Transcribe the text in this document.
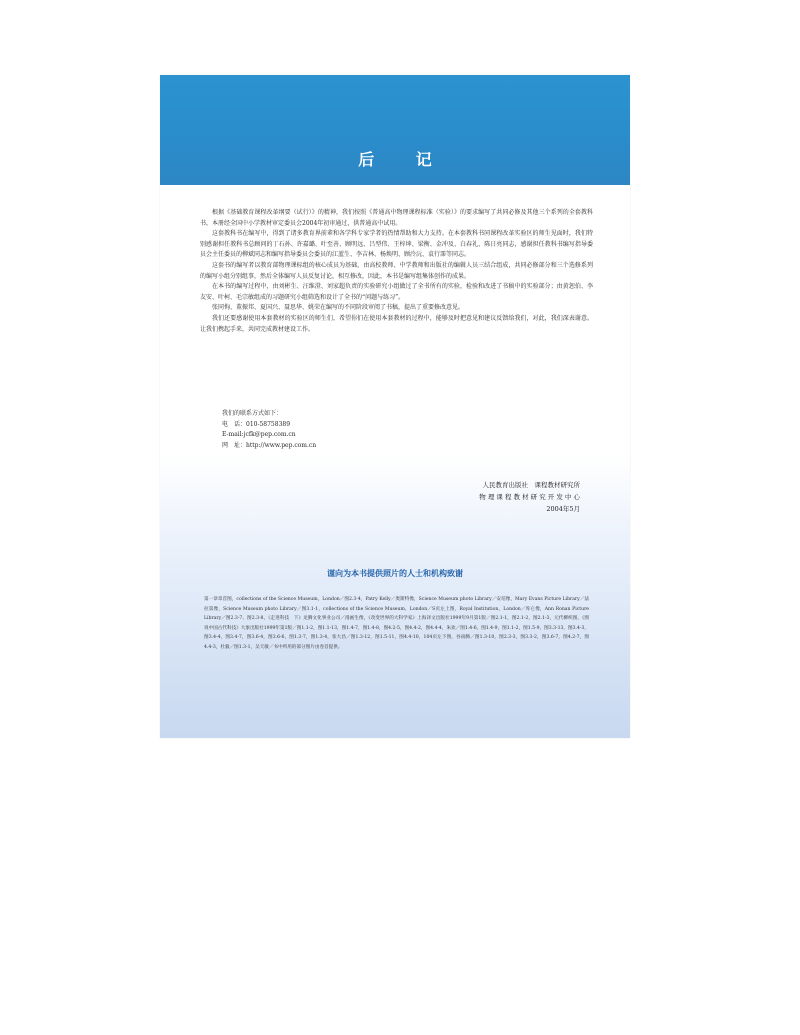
后 记

根据《基础教育课程改革纲要（试行）》的精神，我们按照《普通高中物理课程标准（实验）》的要求编写了共同必修及其他三个系列的全套教科书，本册经全国中小学教材审定委员会2004年初审通过，供普通高中试用。

这套教科书在编写中，得到了诸多教育界前辈和各学科专家学者的热情帮助和大力支持。在本套教科书同课程改革实验区的师生见面时，我们特别感谢担任教科书总顾问的丁石孙、许嘉璐、叶至善、顾明远、吕型伟、王梓坤、梁衡、金冲及、白春礼、陈日亮同志，感谢担任教科书编写指导委员会主任委员的柳斌同志和编写指导委员会委员的江蓝生、李吉林、杨焕明、顾泠沅、袁行霈等同志。

这套书的编写者以教育部物理课标组的核心成员为基础，由高校教师、中学教师和出版社的编辑人员三结合组成，共同必修部分和三个选修系列的编写小组分别组事，然后全体编写人员反复讨论，相互修改，因此，本书是编写组集体创作的成果。

在本书的编写过程中，由刘彬生、汪维澄、刘家超负责的实验研究小组做过了全书所有的实验，检验和改进了书稿中的实验部分；由黄恕伯、李友安、叶柯、毛宗敏组成的习题研究小组筛选和设计了全书的“问题与练习”。

张同恂、董振邦、夏国兴、聂思华、姚荣在编写的不同阶段审阅了书稿，提出了重要修改意见。

我们还要感谢使用本套教材的实验区的师生们，希望你们在使用本套教材的过程中，能够及时把意见和建议反馈给我们，对此，我们深表谢意。让我们携起手来，共同完成教材建设工作。

我们的联系方式如下：
电　话：010-58758389
E-mail:jcfk@pep.com.cn
网　址：http://www.pep.com.cn
人民教育出版社　课程教材研究所
物 理 课 程 教 材 研 究 开 发 中 心
2004年5月
谨向为本书提供照片的人士和机构致谢
第一章章首图，collections of the Science Museum，London／图2.3-4，Patry Kelly／奥斯特像，Science Museum photo Library／安培像，Mary Evans Picture Library／法拉第像，Science Museum photo Library／图3.1-1，collections of the Science Museum，London／S页左上图，Royal Institution，London／库仑像，Ann Ronan Picture Library／图2.3-7、图2.3-8，《走进科技　下》龙腾文化事业公司／漫画生像，《改变世界的大科学家》上海译文出版社1999年9月第1版／图2.1-1，图2.1-2，图2.1-3，元代柳织图，《图说中国古代科技》大象出版社1999年第1版／图1.1-2，图1.1-13，图1.4-7，图1.4-8，图4.2-5，图4.4-2，图4.4-4，朱欢／图1.4-6，图1.4-9，图1.1-2，图1.5-9，图3.3-13，图3.4-3，图3.4-4，图3.4-7，图3.6-4，图3.6-6，图1.3-7，图1.3-4，张大昌／图1.3-12，图1.5-11，图4.4-10，104页左下图，谷雨腾／图1.3-10，图2.3-3，图3.3-2，图3.6-7，图4.2-7，图4.4-3，杜毅／图1.3-1，吴天敏／书中所用的部分图片由卷首提供。
